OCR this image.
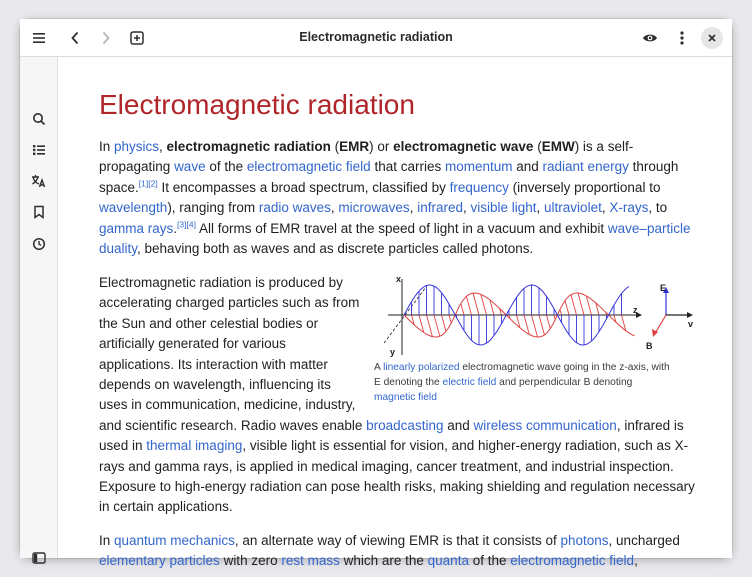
Electromagnetic radiation
Electromagnetic radiation

In physics, electromagnetic radiation (EMR) or electromagnetic wave (EMW) is a self-propagating wave of the electromagnetic field that carries momentum and radiant energy through space.[1][2] It encompasses a broad spectrum, classified by frequency (inversely proportional to wavelength), ranging from radio waves, microwaves, infrared, visible light, ultraviolet, X-rays, to gamma rays.[3][4] All forms of EMR travel at the speed of light in a vacuum and exhibit wave–particle duality, behaving both as waves and as discrete particles called photons.

x
y
z
E
v
B
A linearly polarized electromagnetic wave going in the z-axis, with E denoting the electric field and perpendicular B denoting magnetic field

Electromagnetic radiation is produced by accelerating charged particles such as from the Sun and other celestial bodies or artificially generated for various applications. Its interaction with matter depends on wavelength, influencing its uses in communication, medicine, industry, and scientific research. Radio waves enable broadcasting and wireless communication, infrared is used in thermal imaging, visible light is essential for vision, and higher-energy radiation, such as X-rays and gamma rays, is applied in medical imaging, cancer treatment, and industrial inspection. Exposure to high-energy radiation can pose health risks, making shielding and regulation necessary in certain applications.

In quantum mechanics, an alternate way of viewing EMR is that it consists of photons, uncharged elementary particles with zero rest mass which are the quanta of the electromagnetic field,
